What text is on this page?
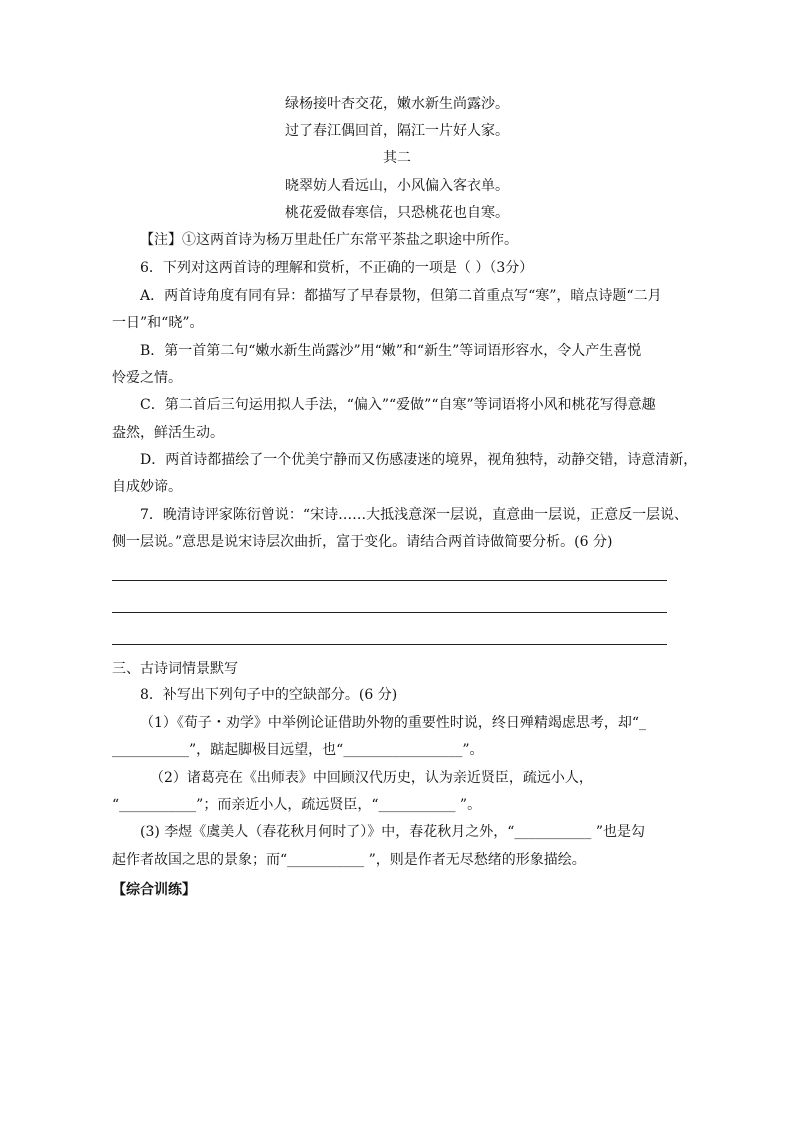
绿杨接叶杏交花，嫩水新生尚露沙。
过了春江偶回首，隔江一片好人家。
其二
晓翠妨人看远山，小风偏入客衣单。
桃花爱做春寒信，只恐桃花也自寒。
【注】①这两首诗为杨万里赴任广东常平茶盐之职途中所作。
6．下列对这两首诗的理解和赏析，不正确的一项是（ ）（3分）
A．两首诗角度有同有异：都描写了早春景物，但第二首重点写“寒”，暗点诗题“二月
一日”和“晓”。
B．第一首第二句“嫩水新生尚露沙”用“嫩”和“新生”等词语形容水，令人产生喜悦
怜爱之情。
C．第二首后三句运用拟人手法，“偏入”“爱做”“自寒”等词语将小风和桃花写得意趣
盎然，鲜活生动。
D．两首诗都描绘了一个优美宁静而又伤感凄迷的境界，视角独特，动静交错，诗意清新，
自成妙谛。
7．晚清诗评家陈衍曾说：“宋诗……大抵浅意深一层说，直意曲一层说，正意反一层说、
侧一层说。”意思是说宋诗层次曲折，富于变化。请结合两首诗做简要分析。(6 分)
三、古诗词情景默写
8．补写出下列句子中的空缺部分。(6 分)
（1）《荀子・劝学》中举例论证借助外物的重要性时说，终日殚精竭虑思考，却“_
___________”，踮起脚极目远望，也“_________________”。
（2）诸葛亮在《出师表》中回顾汉代历史，认为亲近贤臣，疏远小人，
“___________”；而亲近小人，疏远贤臣，“___________ ”。
(3) 李煜《虞美人（春花秋月何时了）》中，春花秋月之外，“___________ ”也是勾
起作者故国之思的景象；而“___________ ”，则是作者无尽愁绪的形象描绘。
【综合训练】
